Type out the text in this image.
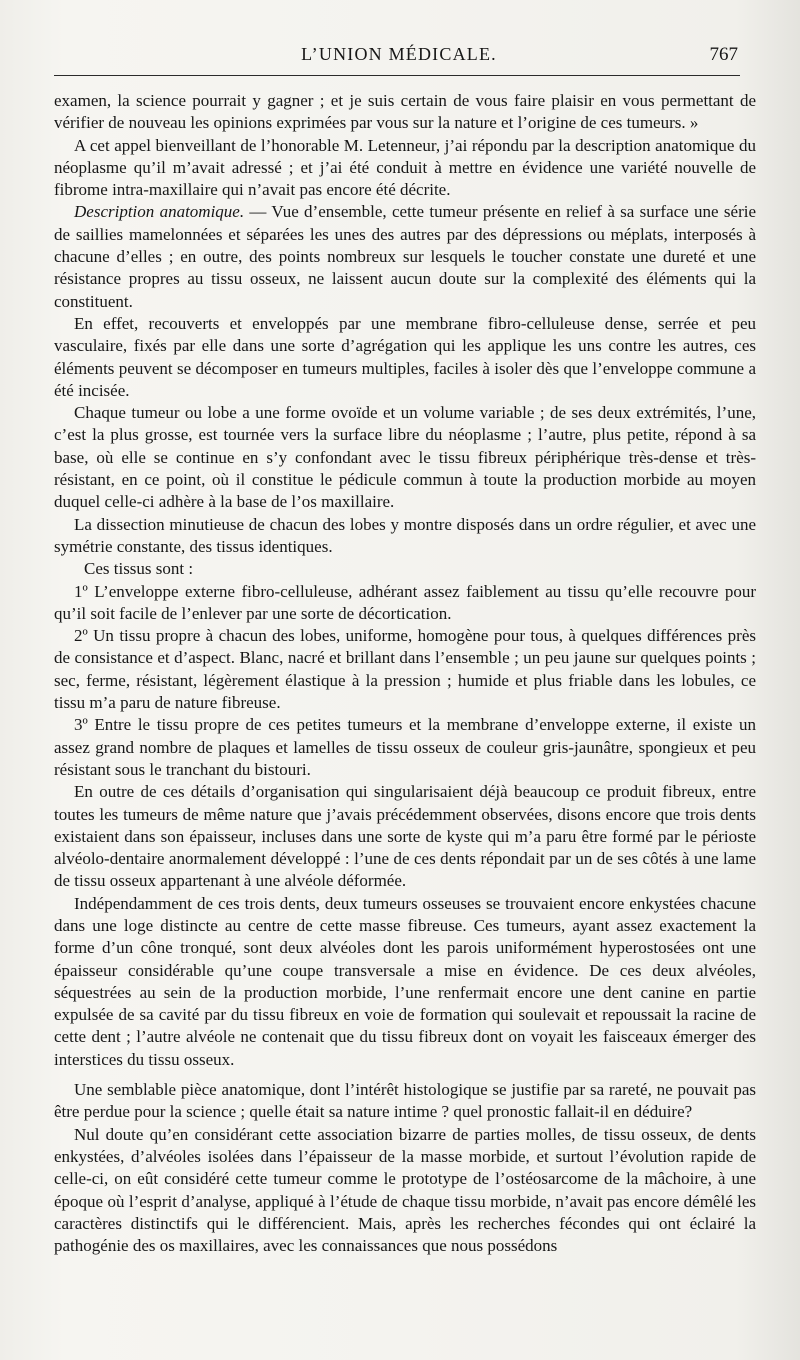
L’UNION MÉDICALE.	767

examen, la science pourrait y gagner ; et je suis certain de vous faire plaisir en vous permettant de vérifier de nouveau les opinions exprimées par vous sur la nature et l’origine de ces tumeurs. »

A cet appel bienveillant de l’honorable M. Letenneur, j’ai répondu par la description anatomique du néoplasme qu’il m’avait adressé ; et j’ai été conduit à mettre en évidence une variété nouvelle de fibrome intra-maxillaire qui n’avait pas encore été décrite.

Description anatomique. — Vue d’ensemble, cette tumeur présente en relief à sa surface une série de saillies mamelonnées et séparées les unes des autres par des dépressions ou méplats, interposés à chacune d’elles ; en outre, des points nombreux sur lesquels le toucher constate une dureté et une résistance propres au tissu osseux, ne laissent aucun doute sur la complexité des éléments qui la constituent.

En effet, recouverts et enveloppés par une membrane fibro-celluleuse dense, serrée et peu vasculaire, fixés par elle dans une sorte d’agrégation qui les applique les uns contre les autres, ces éléments peuvent se décomposer en tumeurs multiples, faciles à isoler dès que l’enveloppe commune a été incisée.

Chaque tumeur ou lobe a une forme ovoïde et un volume variable ; de ses deux extrémités, l’une, c’est la plus grosse, est tournée vers la surface libre du néoplasme ; l’autre, plus petite, répond à sa base, où elle se continue en s’y confondant avec le tissu fibreux périphérique très-dense et très-résistant, en ce point, où il constitue le pédicule commun à toute la production morbide au moyen duquel celle-ci adhère à la base de l’os maxillaire.

La dissection minutieuse de chacun des lobes y montre disposés dans un ordre régulier, et avec une symétrie constante, des tissus identiques.

Ces tissus sont :

1º L’enveloppe externe fibro-celluleuse, adhérant assez faiblement au tissu qu’elle recouvre pour qu’il soit facile de l’enlever par une sorte de décortication.

2º Un tissu propre à chacun des lobes, uniforme, homogène pour tous, à quelques différences près de consistance et d’aspect. Blanc, nacré et brillant dans l’ensemble ; un peu jaune sur quelques points ; sec, ferme, résistant, légèrement élastique à la pression ; humide et plus friable dans les lobules, ce tissu m’a paru de nature fibreuse.

3º Entre le tissu propre de ces petites tumeurs et la membrane d’enveloppe externe, il existe un assez grand nombre de plaques et lamelles de tissu osseux de couleur gris-jaunâtre, spongieux et peu résistant sous le tranchant du bistouri.

En outre de ces détails d’organisation qui singularisaient déjà beaucoup ce produit fibreux, entre toutes les tumeurs de même nature que j’avais précédemment observées, disons encore que trois dents existaient dans son épaisseur, incluses dans une sorte de kyste qui m’a paru être formé par le périoste alvéolo-dentaire anormalement développé : l’une de ces dents répondait par un de ses côtés à une lame de tissu osseux appartenant à une alvéole déformée.

Indépendamment de ces trois dents, deux tumeurs osseuses se trouvaient encore enkystées chacune dans une loge distincte au centre de cette masse fibreuse. Ces tumeurs, ayant assez exactement la forme d’un cône tronqué, sont deux alvéoles dont les parois uniformément hyperostosées ont une épaisseur considérable qu’une coupe transversale a mise en évidence. De ces deux alvéoles, séquestrées au sein de la production morbide, l’une renfermait encore une dent canine en partie expulsée de sa cavité par du tissu fibreux en voie de formation qui soulevait et repoussait la racine de cette dent ; l’autre alvéole ne contenait que du tissu fibreux dont on voyait les faisceaux émerger des interstices du tissu osseux.

Une semblable pièce anatomique, dont l’intérêt histologique se justifie par sa rareté, ne pouvait pas être perdue pour la science ; quelle était sa nature intime ? quel pronostic fallait-il en déduire?

Nul doute qu’en considérant cette association bizarre de parties molles, de tissu osseux, de dents enkystées, d’alvéoles isolées dans l’épaisseur de la masse morbide, et surtout l’évolution rapide de celle-ci, on eût considéré cette tumeur comme le prototype de l’ostéosarcome de la mâchoire, à une époque où l’esprit d’analyse, appliqué à l’étude de chaque tissu morbide, n’avait pas encore démêlé les caractères distinctifs qui le différencient. Mais, après les recherches fécondes qui ont éclairé la pathogénie des os maxillaires, avec les connaissances que nous possédons
